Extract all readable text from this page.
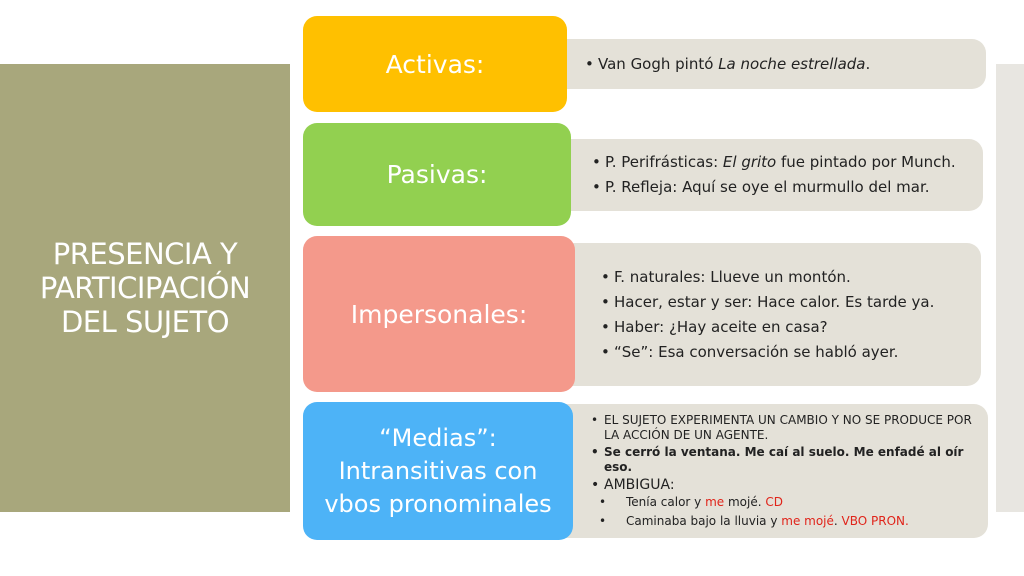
PRESENCIA Y
PARTICIPACIÓN
DEL SUJETO
• Van Gogh pintó La noche estrellada.
Activas:
• P. Perifrásticas: El grito fue pintado por Munch.
• P. Refleja: Aquí se oye el murmullo del mar.
Pasivas:
• F. naturales: Llueve un montón.
• Hacer, estar y ser: Hace calor. Es tarde ya.
• Haber: ¿Hay aceite en casa?
• “Se”: Esa conversación se habló ayer.
Impersonales:
• EL SUJETO EXPERIMENTA UN CAMBIO Y NO SE PRODUCE POR LA ACCIÓN DE UN AGENTE.
• Se cerró la ventana. Me caí al suelo. Me enfadé al oír eso.
• AMBIGUA:
• Tenía calor y me mojé. CD
• Caminaba bajo la lluvia y me mojé. VBO PRON.
“Medias”:
Intransitivas con
vbos pronominales
